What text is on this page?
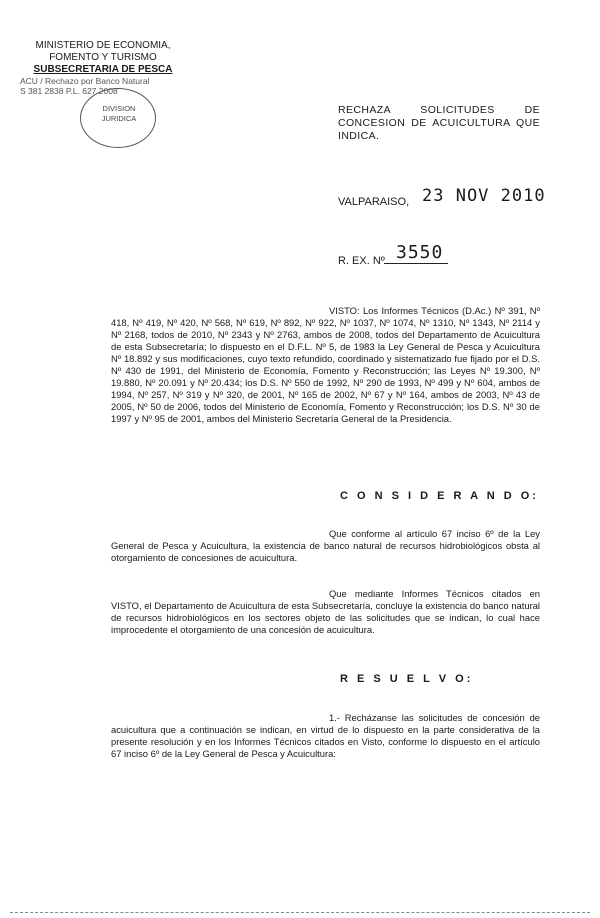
MINISTERIO DE ECONOMIA,
FOMENTO Y TURISMO
SUBSECRETARIA DE PESCA
ACU / Rechazo por Banco Natural
S 381 2838 P.L. 627 2008
DIVISION
JURIDICA
RECHAZA SOLICITUDES DE CONCESION DE ACUICULTURA QUE INDICA.
VALPARAISO, 23 NOV 2010
R. EX. Nº 3550
VISTO: Los Informes Técnicos (D.Ac.) Nº 391, Nº 418, Nº 419, Nº 420, Nº 568, Nº 619, Nº 892, Nº 922, Nº 1037, Nº 1074, Nº 1310, Nº 1343, Nº 2114 y Nº 2168, todos de 2010, Nº 2343 y Nº 2763, ambos de 2008, todos del Departamento de Acuicultura de esta Subsecretaría; lo dispuesto en el D.F.L. Nº 5, de 1983 la Ley General de Pesca y Acuicultura Nº 18.892 y sus modificaciones, cuyo texto refundido, coordinado y sistematizado fue fijado por el D.S. Nº 430 de 1991, del Ministerio de Economía, Fomento y Reconstrucción; las Leyes Nº 19.300, Nº 19.880, Nº 20.091 y Nº 20.434; los D.S. Nº 550 de 1992, Nº 290 de 1993, Nº 499 y Nº 604, ambos de 1994, Nº 257, Nº 319 y Nº 320, de 2001, Nº 165 de 2002, Nº 67 y Nº 164, ambos de 2003, Nº 43 de 2005, Nº 50 de 2006, todos del Ministerio de Economía, Fomento y Reconstrucción; los D.S. Nº 30 de 1997 y Nº 95 de 2001, ambos del Ministerio Secretaría General de la Presidencia.
C O N S I D E R A N D O:
Que conforme al artículo 67 inciso 6º de la Ley General de Pesca y Acuicultura, la existencia de banco natural de recursos hidrobiológicos obsta al otorgamiento de concesiones de acuicultura.
Que mediante Informes Técnicos citados en VISTO, el Departamento de Acuicultura de esta Subsecretaría, concluye la existencia do banco natural de recursos hidrobiológicos en los sectores objeto de las solicitudes que se indican, lo cual hace improcedente el otorgamiento de una concesión de acuicultura.
R E S U E L V O:
1.- Recházanse las solicitudes de concesión de acuicultura que a continuación se indican, en virtud de lo dispuesto en la parte considerativa de la presente resolución y en los Informes Técnicos citados en Visto, conforme lo dispuesto en el artículo 67 inciso 6º de la Ley General de Pesca y Acuicultura:
